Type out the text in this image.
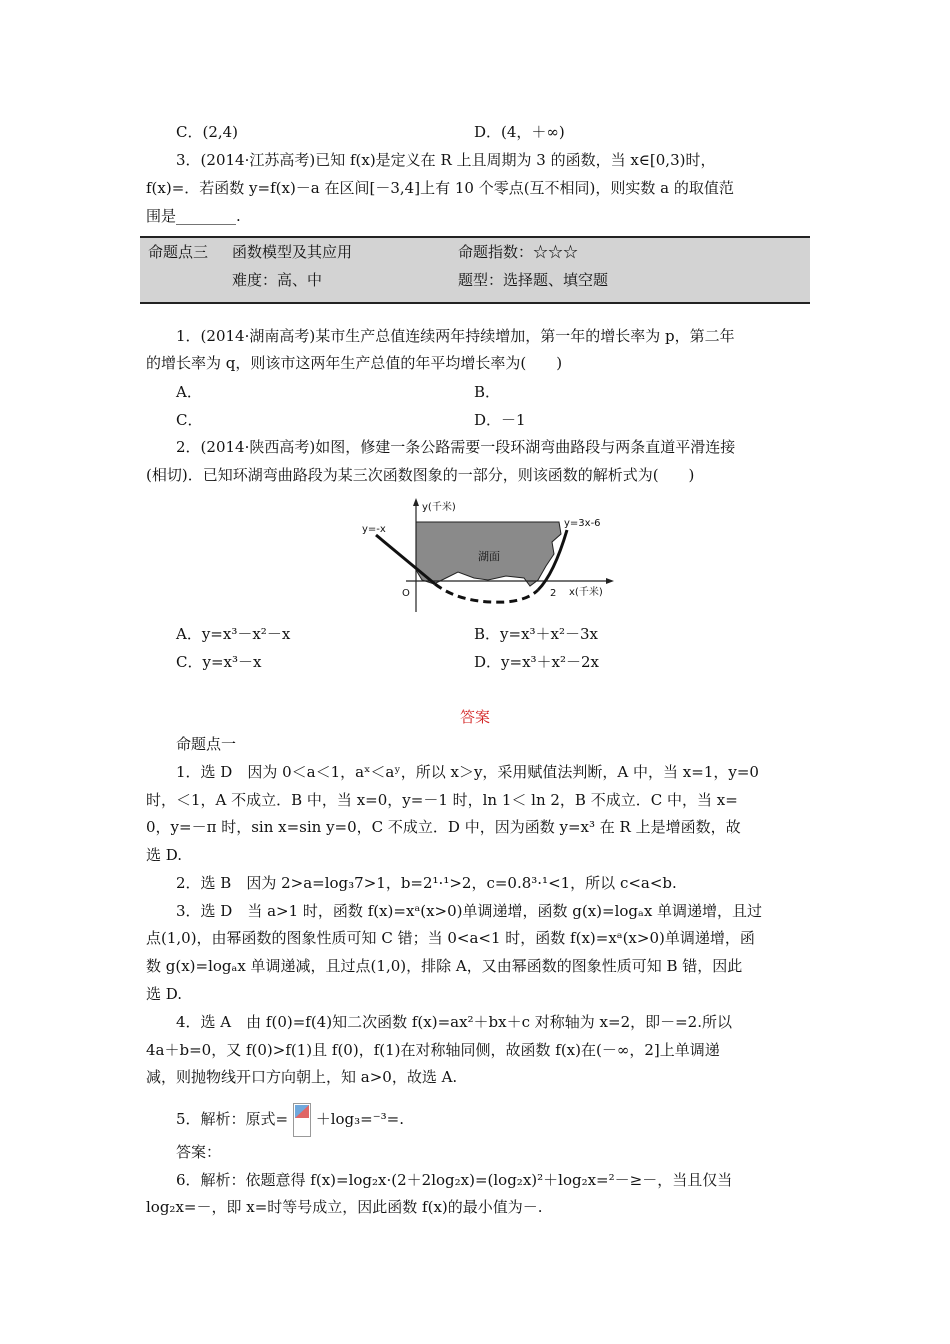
C．(2,4)	D．(4，＋∞)
3．(2014·江苏高考)已知 f(x)是定义在 R 上且周期为 3 的函数，当 x∈[0,3)时，
f(x)=．若函数 y=f(x)－a 在区间[－3,4]上有 10 个零点(互不相同)，则实数 a 的取值范
围是________.
命题点三 函数模型及其应用	命题指数：☆☆☆
难度：高、中	题型：选择题、填空题
1．(2014·湖南高考)某市生产总值连续两年持续增加，第一年的增长率为 p，第二年
的增长率为 q，则该市这两年生产总值的年平均增长率为(　　)
A．	B．
C．	D．－1
2．(2014·陕西高考)如图，修建一条公路需要一段环湖弯曲路段与两条直道平滑连接
(相切)．已知环湖弯曲路段为某三次函数图象的一部分，则该函数的解析式为(　　)
y(千米)
x(千米)
y=-x
y=3x-6
湖面
O	2
A．y=x³－x²－x	B．y=x³＋x²－3x
C．y=x³－x	D．y=x³＋x²－2x
答案
命题点一
1．选 D　因为 0＜a＜1，aˣ＜aʸ，所以 x＞y，采用赋值法判断，A 中，当 x=1，y=0
时，＜1，A 不成立．B 中，当 x=0，y=－1 时，ln 1＜ ln 2，B 不成立．C 中，当 x=
0，y=－π 时，sin x=sin y=0，C 不成立．D 中，因为函数 y=x³ 在 R 上是增函数，故
选 D.
2．选 B　因为 2>a=log₃7>1，b=2¹·¹>2，c=0.8³·¹<1，所以 c<a<b.
3．选 D　当 a>1 时，函数 f(x)=xᵃ(x>0)单调递增，函数 g(x)=logₐx 单调递增，且过
点(1,0)，由幂函数的图象性质可知 C 错；当 0<a<1 时，函数 f(x)=xᵃ(x>0)单调递增，函
数 g(x)=logₐx 单调递减，且过点(1,0)，排除 A，又由幂函数的图象性质可知 B 错，因此
选 D.
4．选 A　由 f(0)=f(4)知二次函数 f(x)=ax²＋bx＋c 对称轴为 x=2，即－=2.所以
4a＋b=0，又 f(0)>f(1)且 f(0)，f(1)在对称轴同侧，故函数 f(x)在(－∞，2]上单调递
减，则抛物线开口方向朝上，知 a>0，故选 A.
5．解析：原式= ＋log₃=⁻³=.
答案：
6．解析：依题意得 f(x)=log₂x·(2＋2log₂x)=(log₂x)²＋log₂x=²－≥－，当且仅当
log₂x=－，即 x=时等号成立，因此函数 f(x)的最小值为－.
